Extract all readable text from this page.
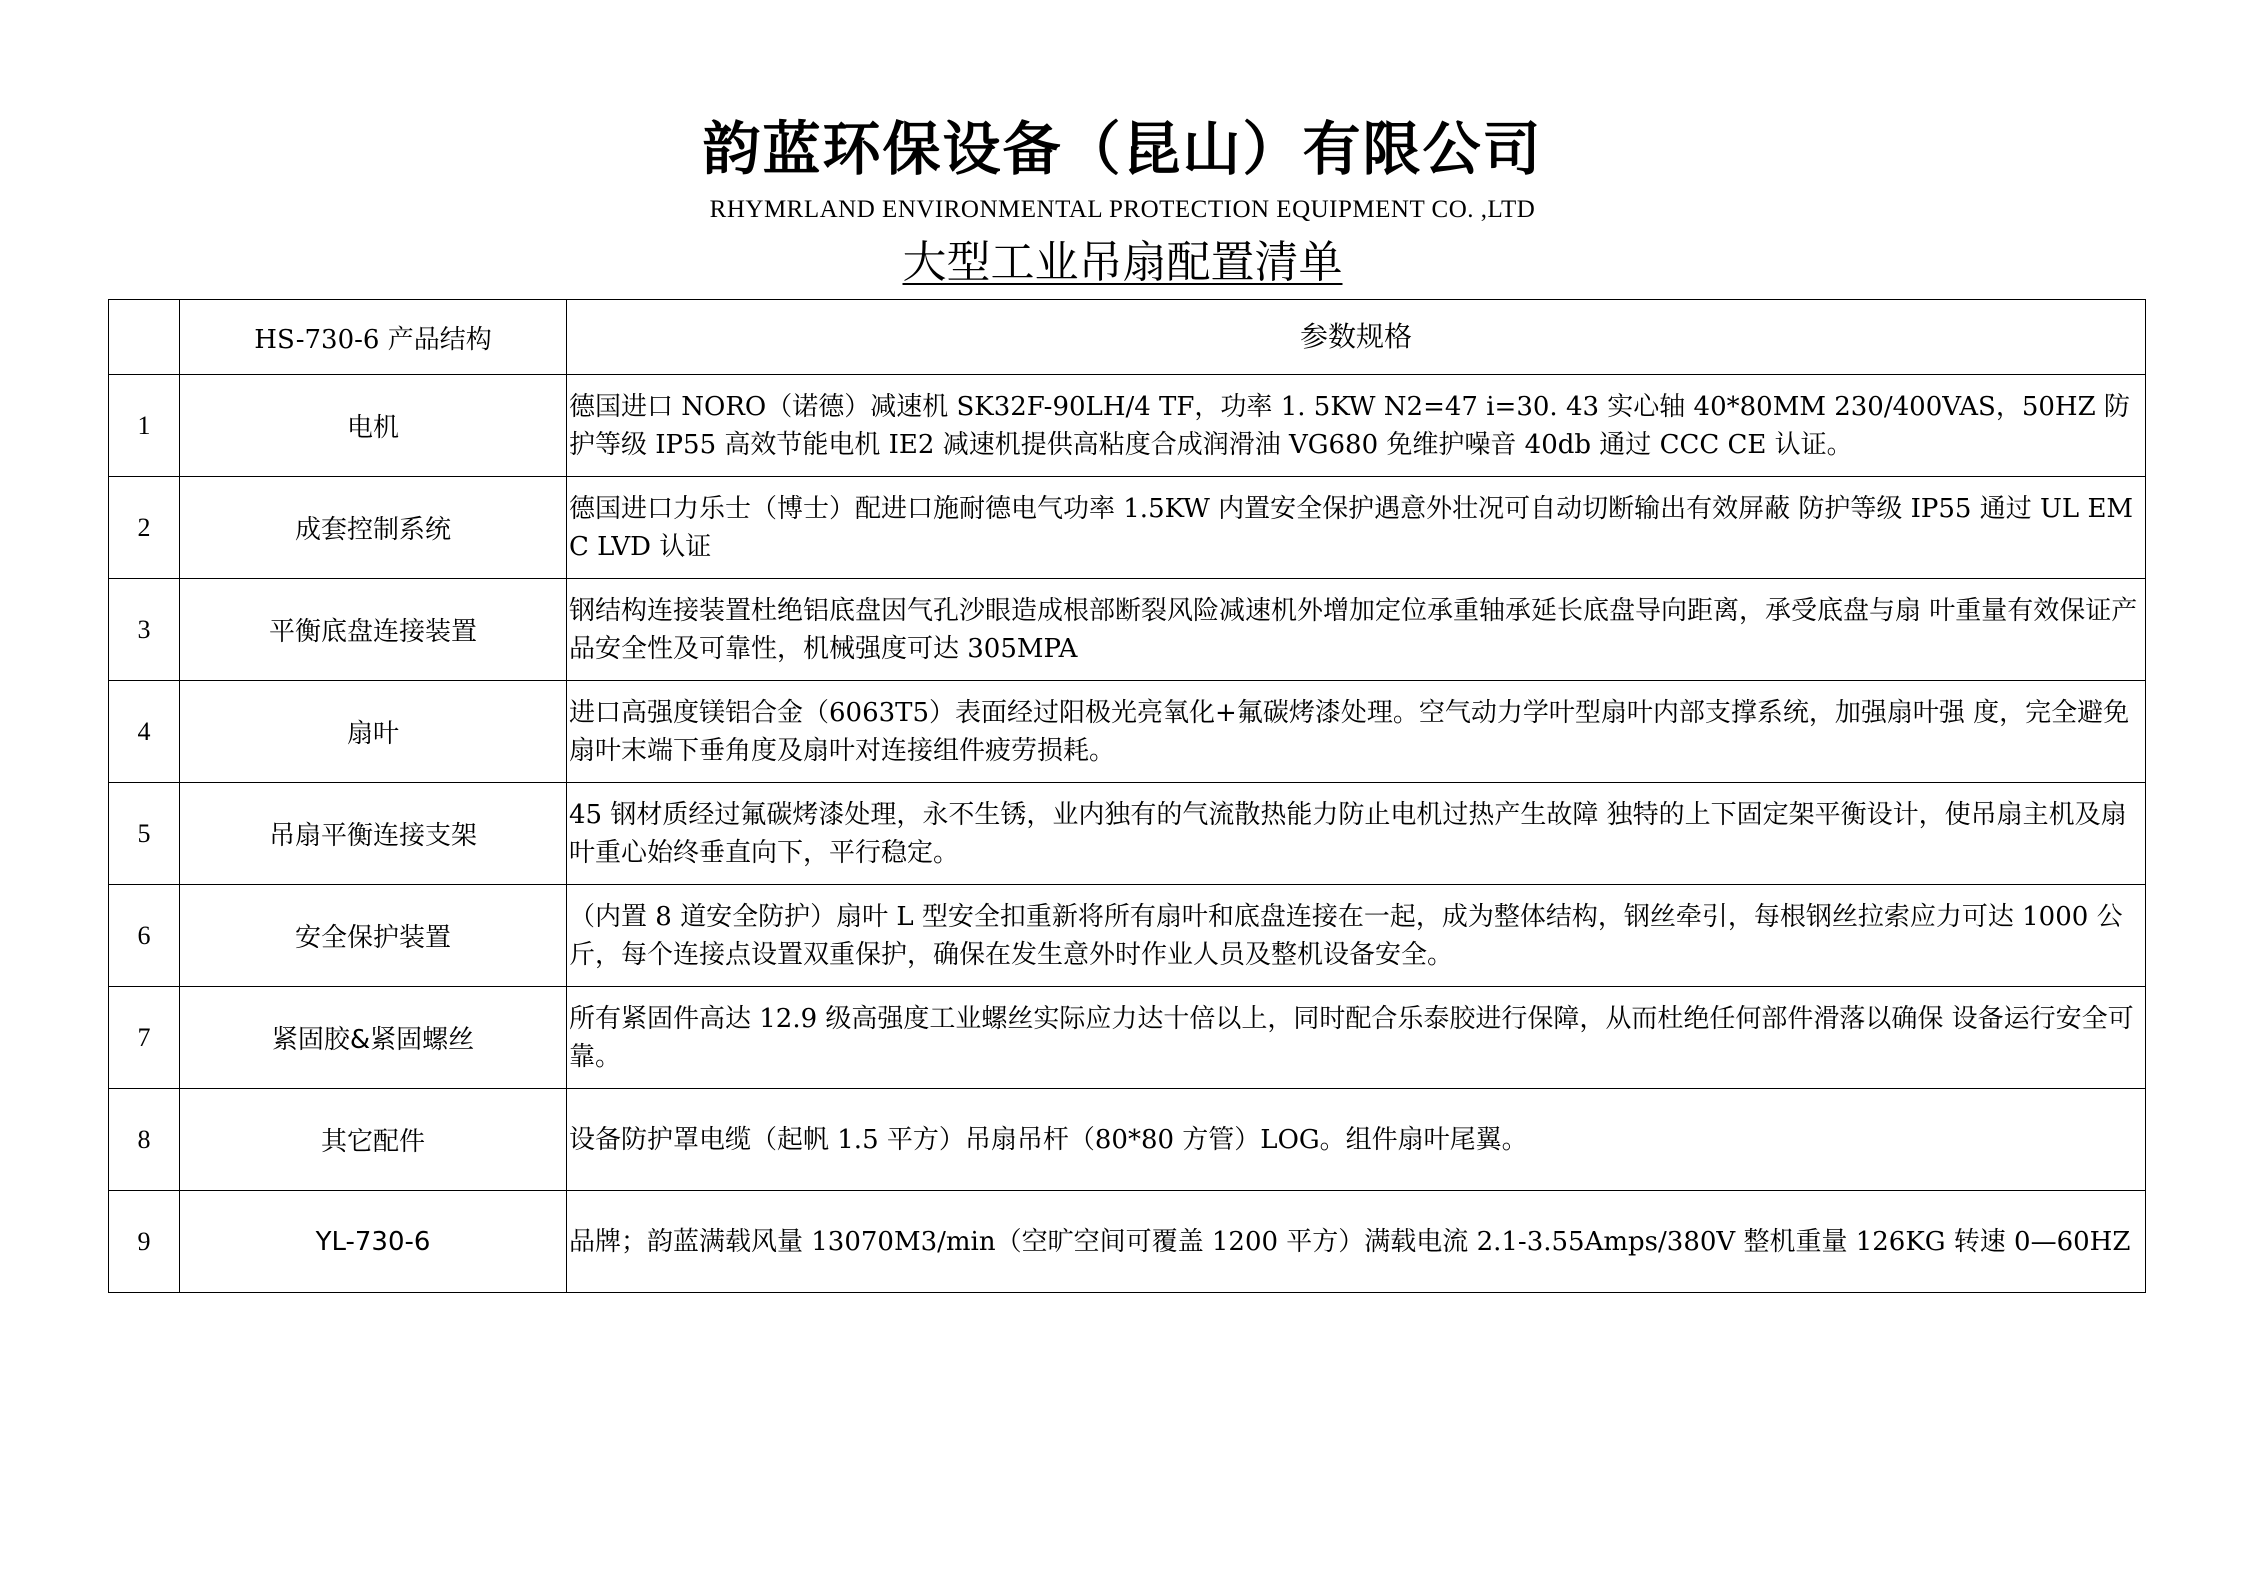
韵蓝环保设备（昆山）有限公司
RHYMRLAND ENVIRONMENTAL PROTECTION EQUIPMENT CO. ,LTD
大型工业吊扇配置清单
	HS-730-6 产品结构	参数规格
1	电机	德国进口 NORO（诺德）减速机 SK32F-90LH/4 TF，功率 1. 5KW N2=47 i=30. 43 实心轴 40*80MM 230/400VAS，50HZ 防护等级 IP55 高效节能电机 IE2 减速机提供高粘度合成润滑油 VG680 免维护噪音 40db 通过 CCC CE 认证。
2	成套控制系统	德国进口力乐士（博士）配进口施耐德电气功率 1.5KW 内置安全保护遇意外壮况可自动切断输出有效屏蔽 防护等级 IP55 通过 UL EMC LVD 认证
3	平衡底盘连接装置	钢结构连接装置杜绝铝底盘因气孔沙眼造成根部断裂风险减速机外增加定位承重轴承延长底盘导向距离，承受底盘与扇 叶重量有效保证产品安全性及可靠性，机械强度可达 305MPA
4	扇叶	进口高强度镁铝合金（6063T5）表面经过阳极光亮氧化+氟碳烤漆处理。空气动力学叶型扇叶内部支撑系统，加强扇叶强 度，完全避免扇叶末端下垂角度及扇叶对连接组件疲劳损耗。
5	吊扇平衡连接支架	45 钢材质经过氟碳烤漆处理，永不生锈，业内独有的气流散热能力防止电机过热产生故障 独特的上下固定架平衡设计，使吊扇主机及扇叶重心始终垂直向下，平行稳定。
6	安全保护装置	（内置 8 道安全防护）扇叶 L 型安全扣重新将所有扇叶和底盘连接在一起，成为整体结构，钢丝牵引，每根钢丝拉索应力可达 1000 公斤，每个连接点设置双重保护，确保在发生意外时作业人员及整机设备安全。
7	紧固胶&紧固螺丝	所有紧固件高达 12.9 级高强度工业螺丝实际应力达十倍以上，同时配合乐泰胶进行保障，从而杜绝任何部件滑落以确保 设备运行安全可靠。
8	其它配件	设备防护罩电缆（起帆 1.5 平方）吊扇吊杆（80*80 方管）LOG。组件扇叶尾翼。
9	YL-730-6	品牌；韵蓝满载风量 13070M3/min（空旷空间可覆盖 1200 平方）满载电流 2.1-3.55Amps/380V 整机重量 126KG 转速 0—60HZ
